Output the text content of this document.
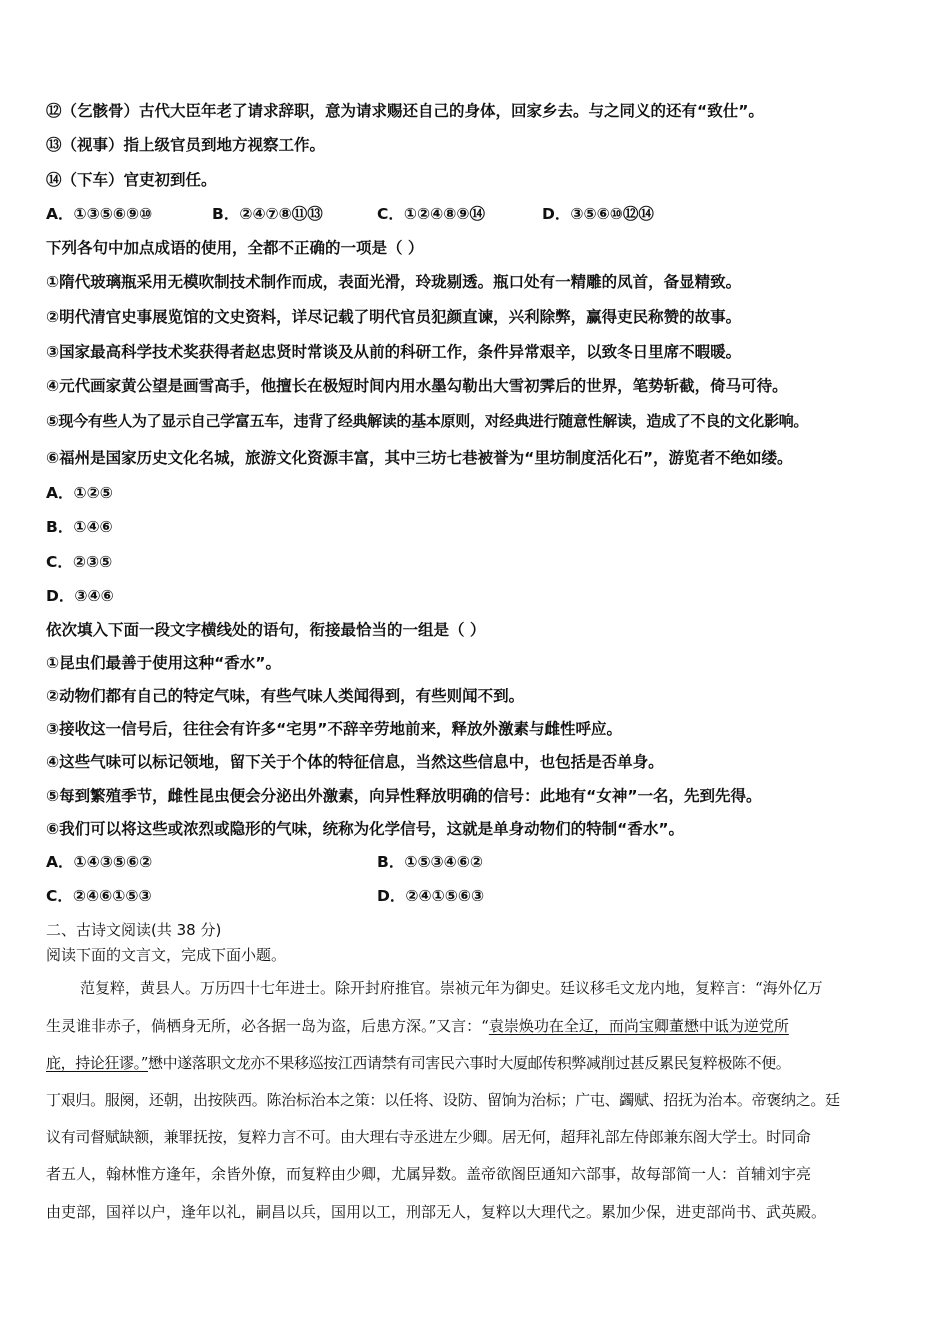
⑫（乞骸骨）古代大臣年老了请求辞职，意为请求赐还自己的身体，回家乡去。与之同义的还有“致仕”。
⑬（视事）指上级官员到地方视察工作。
⑭（下车）官吏初到任。
A．①③⑤⑥⑨⑩	B．②④⑦⑧⑪⑬	C．①②④⑧⑨⑭	D．③⑤⑥⑩⑫⑭
下列各句中加点成语的使用，全都不正确的一项是（ ）
①隋代玻璃瓶采用无模吹制技术制作而成，表面光滑，玲珑剔透。瓶口处有一精雕的凤首，备显精致。
②明代清官史事展览馆的文史资料，详尽记载了明代官员犯颜直谏，兴利除弊，赢得吏民称赞的故事。
③国家最高科学技术奖获得者赵忠贤时常谈及从前的科研工作，条件异常艰辛，以致冬日里席不暇暖。
④元代画家黄公望是画雪高手，他擅长在极短时间内用水墨勾勒出大雪初霁后的世界，笔势斩截，倚马可待。
⑤现今有些人为了显示自己学富五车，违背了经典解读的基本原则，对经典进行随意性解读，造成了不良的文化影响。
⑥福州是国家历史文化名城，旅游文化资源丰富，其中三坊七巷被誉为“里坊制度活化石”，游览者不绝如缕。
A．①②⑤
B．①④⑥
C．②③⑤
D．③④⑥
依次填入下面一段文字横线处的语句，衔接最恰当的一组是（ ）
①昆虫们最善于使用这种“香水”。
②动物们都有自己的特定气味，有些气味人类闻得到，有些则闻不到。
③接收这一信号后，往往会有许多“宅男”不辞辛劳地前来，释放外激素与雌性呼应。
④这些气味可以标记领地，留下关于个体的特征信息，当然这些信息中，也包括是否单身。
⑤每到繁殖季节，雌性昆虫便会分泌出外激素，向异性释放明确的信号：此地有“女神”一名，先到先得。
⑥我们可以将这些或浓烈或隐形的气味，统称为化学信号，这就是单身动物们的特制“香水”。
A．①④③⑤⑥②	B．①⑤③④⑥②
C．②④⑥①⑤③	D．②④①⑤⑥③
二、古诗文阅读(共 38 分)
阅读下面的文言文，完成下面小题。
范复粹，黄县人。万历四十七年进士。除开封府推官。崇祯元年为御史。廷议移毛文龙内地，复粹言：“海外亿万
生灵谁非赤子，倘栖身无所，必各据一岛为盗，后患方深。”又言：“袁崇焕功在全辽，而尚宝卿董懋中诋为逆党所
庇，持论狂谬。”懋中遂落职文龙亦不果移巡按江西请禁有司害民六事时大厦邮传积弊减削过甚反累民复粹极陈不便。
丁艰归。服阕，还朝，出按陕西。陈治标治本之策：以任将、设防、留饷为治标；广屯、蠲赋、招抚为治本。帝褒纳之。廷
议有司督赋缺额，兼罪抚按，复粹力言不可。由大理右寺丞进左少卿。居无何，超拜礼部左侍郎兼东阁大学士。时同命
者五人，翰林惟方逢年，余皆外僚，而复粹由少卿，尤属异数。盖帝欲阁臣通知六部事，故每部简一人：首辅刘宇亮
由吏部，国祥以户，逢年以礼，嗣昌以兵，国用以工，刑部无人，复粹以大理代之。累加少保，进吏部尚书、武英殿。
